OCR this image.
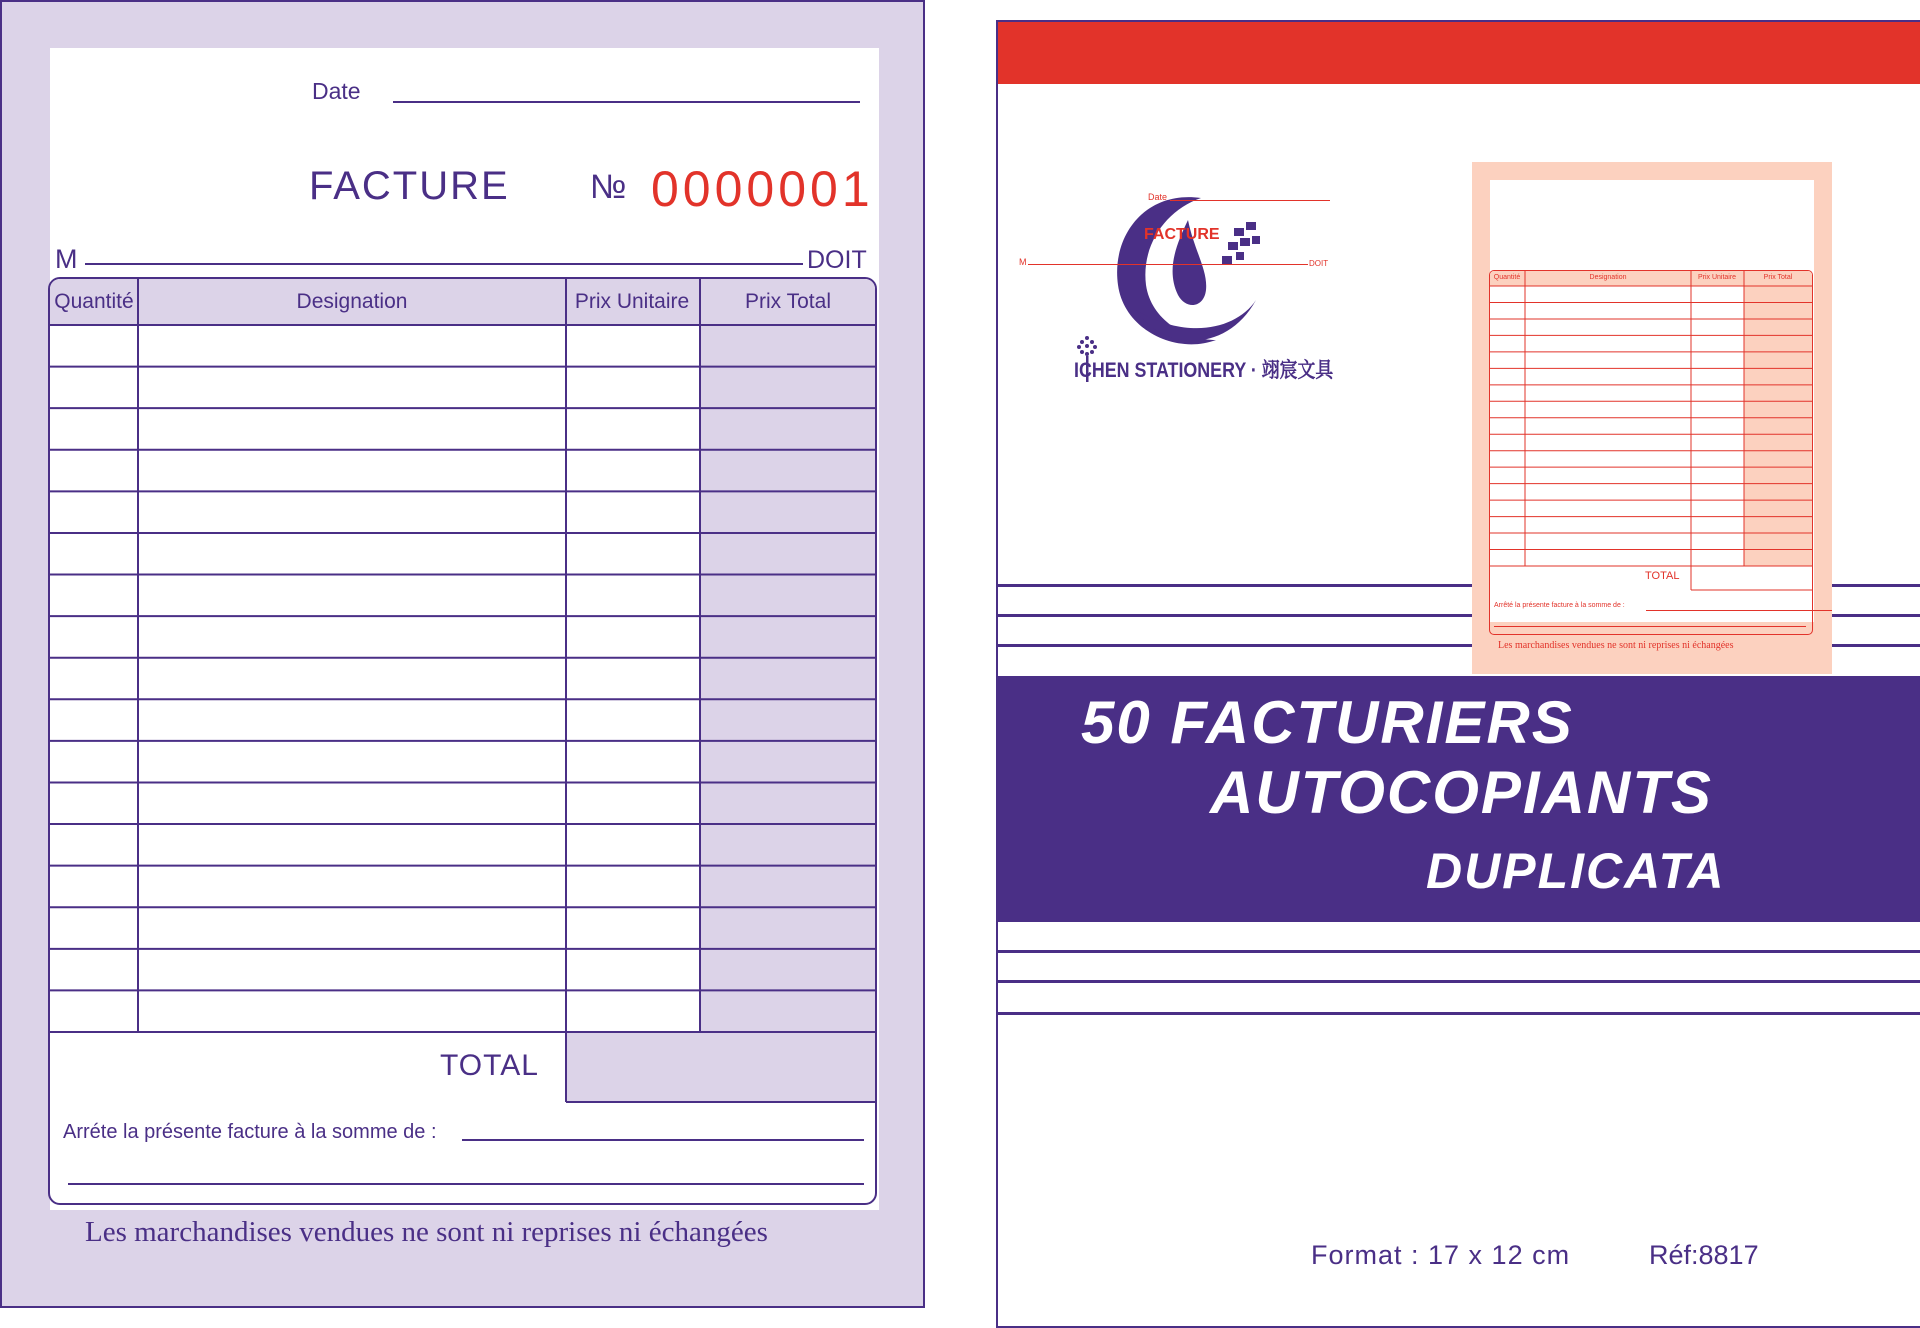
Date
FACTURE № 0000001
M	DOIT
Quantité	Designation	Prix Unitaire	Prix Total
TOTAL
Arréte la présente facture à la somme de :
Les marchandises vendues ne sont ni reprises ni échangées
ICHEN STATIONERY · 翊宸文具
Date
FACTURE
M	DOIT
Quantité	Designation	Prix Unitaire	Prix Total
TOTAL
Arrêté la présente facture à la somme de :
Les marchandises vendues ne sont ni reprises ni échangées
50 FACTURIERS
AUTOCOPIANTS
DUPLICATA
Format : 17 x 12 cm	Réf:8817
